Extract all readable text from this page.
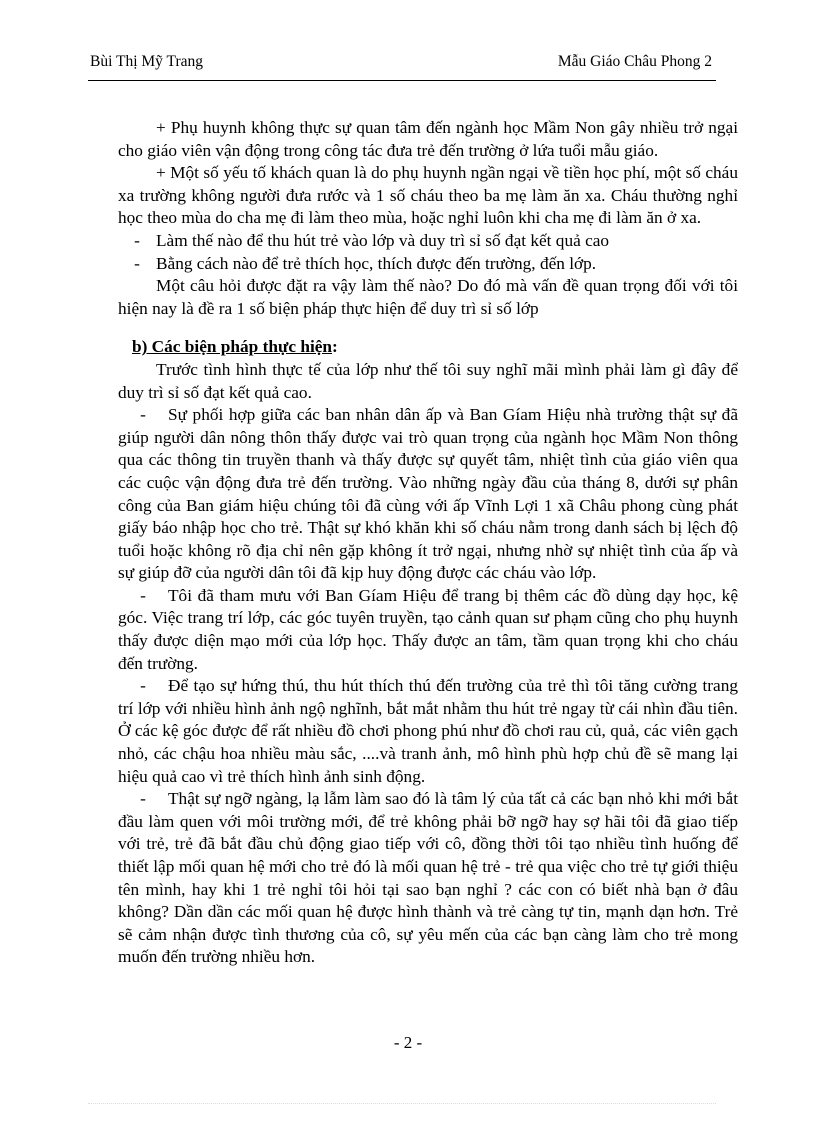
Bùi Thị Mỹ Trang	Mẫu Giáo Châu Phong 2

+ Phụ huynh không thực sự quan tâm đến ngành học Mầm Non gây nhiều trở ngại cho giáo viên vận động trong công tác đưa trẻ đến trường ở lứa tuổi mẫu giáo.

+ Một số yếu tố khách quan là do phụ huynh ngần ngại về tiền học phí, một số cháu xa trường không người đưa rước và 1 số cháu theo ba mẹ làm ăn xa. Cháu thường nghỉ học theo mùa do cha mẹ đi làm theo mùa, hoặc nghỉ luôn khi cha mẹ đi làm ăn ở xa.

- Làm thế nào để thu hút trẻ vào lớp và duy trì sỉ số đạt kết quả cao
- Bằng cách nào để trẻ thích học, thích được đến trường, đến lớp.

Một câu hỏi được đặt ra vậy làm thế nào? Do đó mà vấn đề quan trọng đối với tôi hiện nay là đề ra 1 số biện pháp thực hiện để duy trì sỉ số lớp

b) Các biện pháp thực hiện:

Trước tình hình thực tế của lớp như thế tôi suy nghĩ mãi mình phải làm gì đây để duy trì sỉ số đạt kết quả cao.

- Sự phối hợp giữa các ban nhân dân ấp và Ban Gíam Hiệu nhà trường thật sự đã giúp người dân nông thôn thấy được vai trò quan trọng của ngành học Mầm Non thông qua các thông tin truyền thanh và thấy được sự quyết tâm, nhiệt tình của giáo viên qua các cuộc vận động đưa trẻ đến trường. Vào những ngày đầu của tháng 8, dưới sự phân công của Ban giám hiệu chúng tôi đã cùng với ấp Vĩnh Lợi 1 xã Châu phong cùng phát giấy báo nhập học cho trẻ. Thật sự khó khăn khi số cháu nằm trong danh sách bị lệch độ tuổi hoặc không rõ địa chỉ nên gặp không ít trở ngại, nhưng nhờ sự nhiệt tình của ấp và sự giúp đỡ của người dân tôi đã kịp huy động được các cháu vào lớp.

- Tôi đã tham mưu với Ban Gíam Hiệu để trang bị thêm các đồ dùng dạy học, kệ góc. Việc trang trí lớp, các góc tuyên truyền, tạo cảnh quan sư phạm cũng cho phụ huynh thấy được diện mạo mới của lớp học. Thấy được an tâm, tầm quan trọng khi cho cháu đến trường.

- Để tạo sự hứng thú, thu hút thích thú đến trường của trẻ thì tôi tăng cường trang trí lớp với nhiều hình ảnh ngộ nghĩnh, bắt mắt nhằm thu hút trẻ ngay từ cái nhìn đầu tiên. Ở các kệ góc được để rất nhiều đồ chơi phong phú như đồ chơi rau củ, quả, các viên gạch nhỏ, các chậu hoa nhiều màu sắc, ....và tranh ảnh, mô hình phù hợp chủ đề sẽ mang lại hiệu quả cao vì trẻ thích hình ảnh sinh động.

- Thật sự ngỡ ngàng, lạ lẫm làm sao đó là tâm lý của tất cả các bạn nhỏ khi mới bắt đầu làm quen với môi trường mới, để trẻ không phải bỡ ngỡ hay sợ hãi tôi đã giao tiếp với trẻ, trẻ đã bắt đầu chủ động giao tiếp với cô, đồng thời tôi tạo nhiều tình huống để thiết lập mối quan hệ mới cho trẻ đó là mối quan hệ trẻ - trẻ qua việc cho trẻ tự giới thiệu tên mình, hay khi 1 trẻ nghỉ tôi hỏi tại sao bạn nghỉ ? các con có biết nhà bạn ở đâu không? Dần dần các mối quan hệ được hình thành và trẻ càng tự tin, mạnh dạn hơn. Trẻ sẽ cảm nhận được tình thương của cô, sự yêu mến của các bạn càng làm cho trẻ mong muốn đến trường nhiều hơn.

- 2 -
